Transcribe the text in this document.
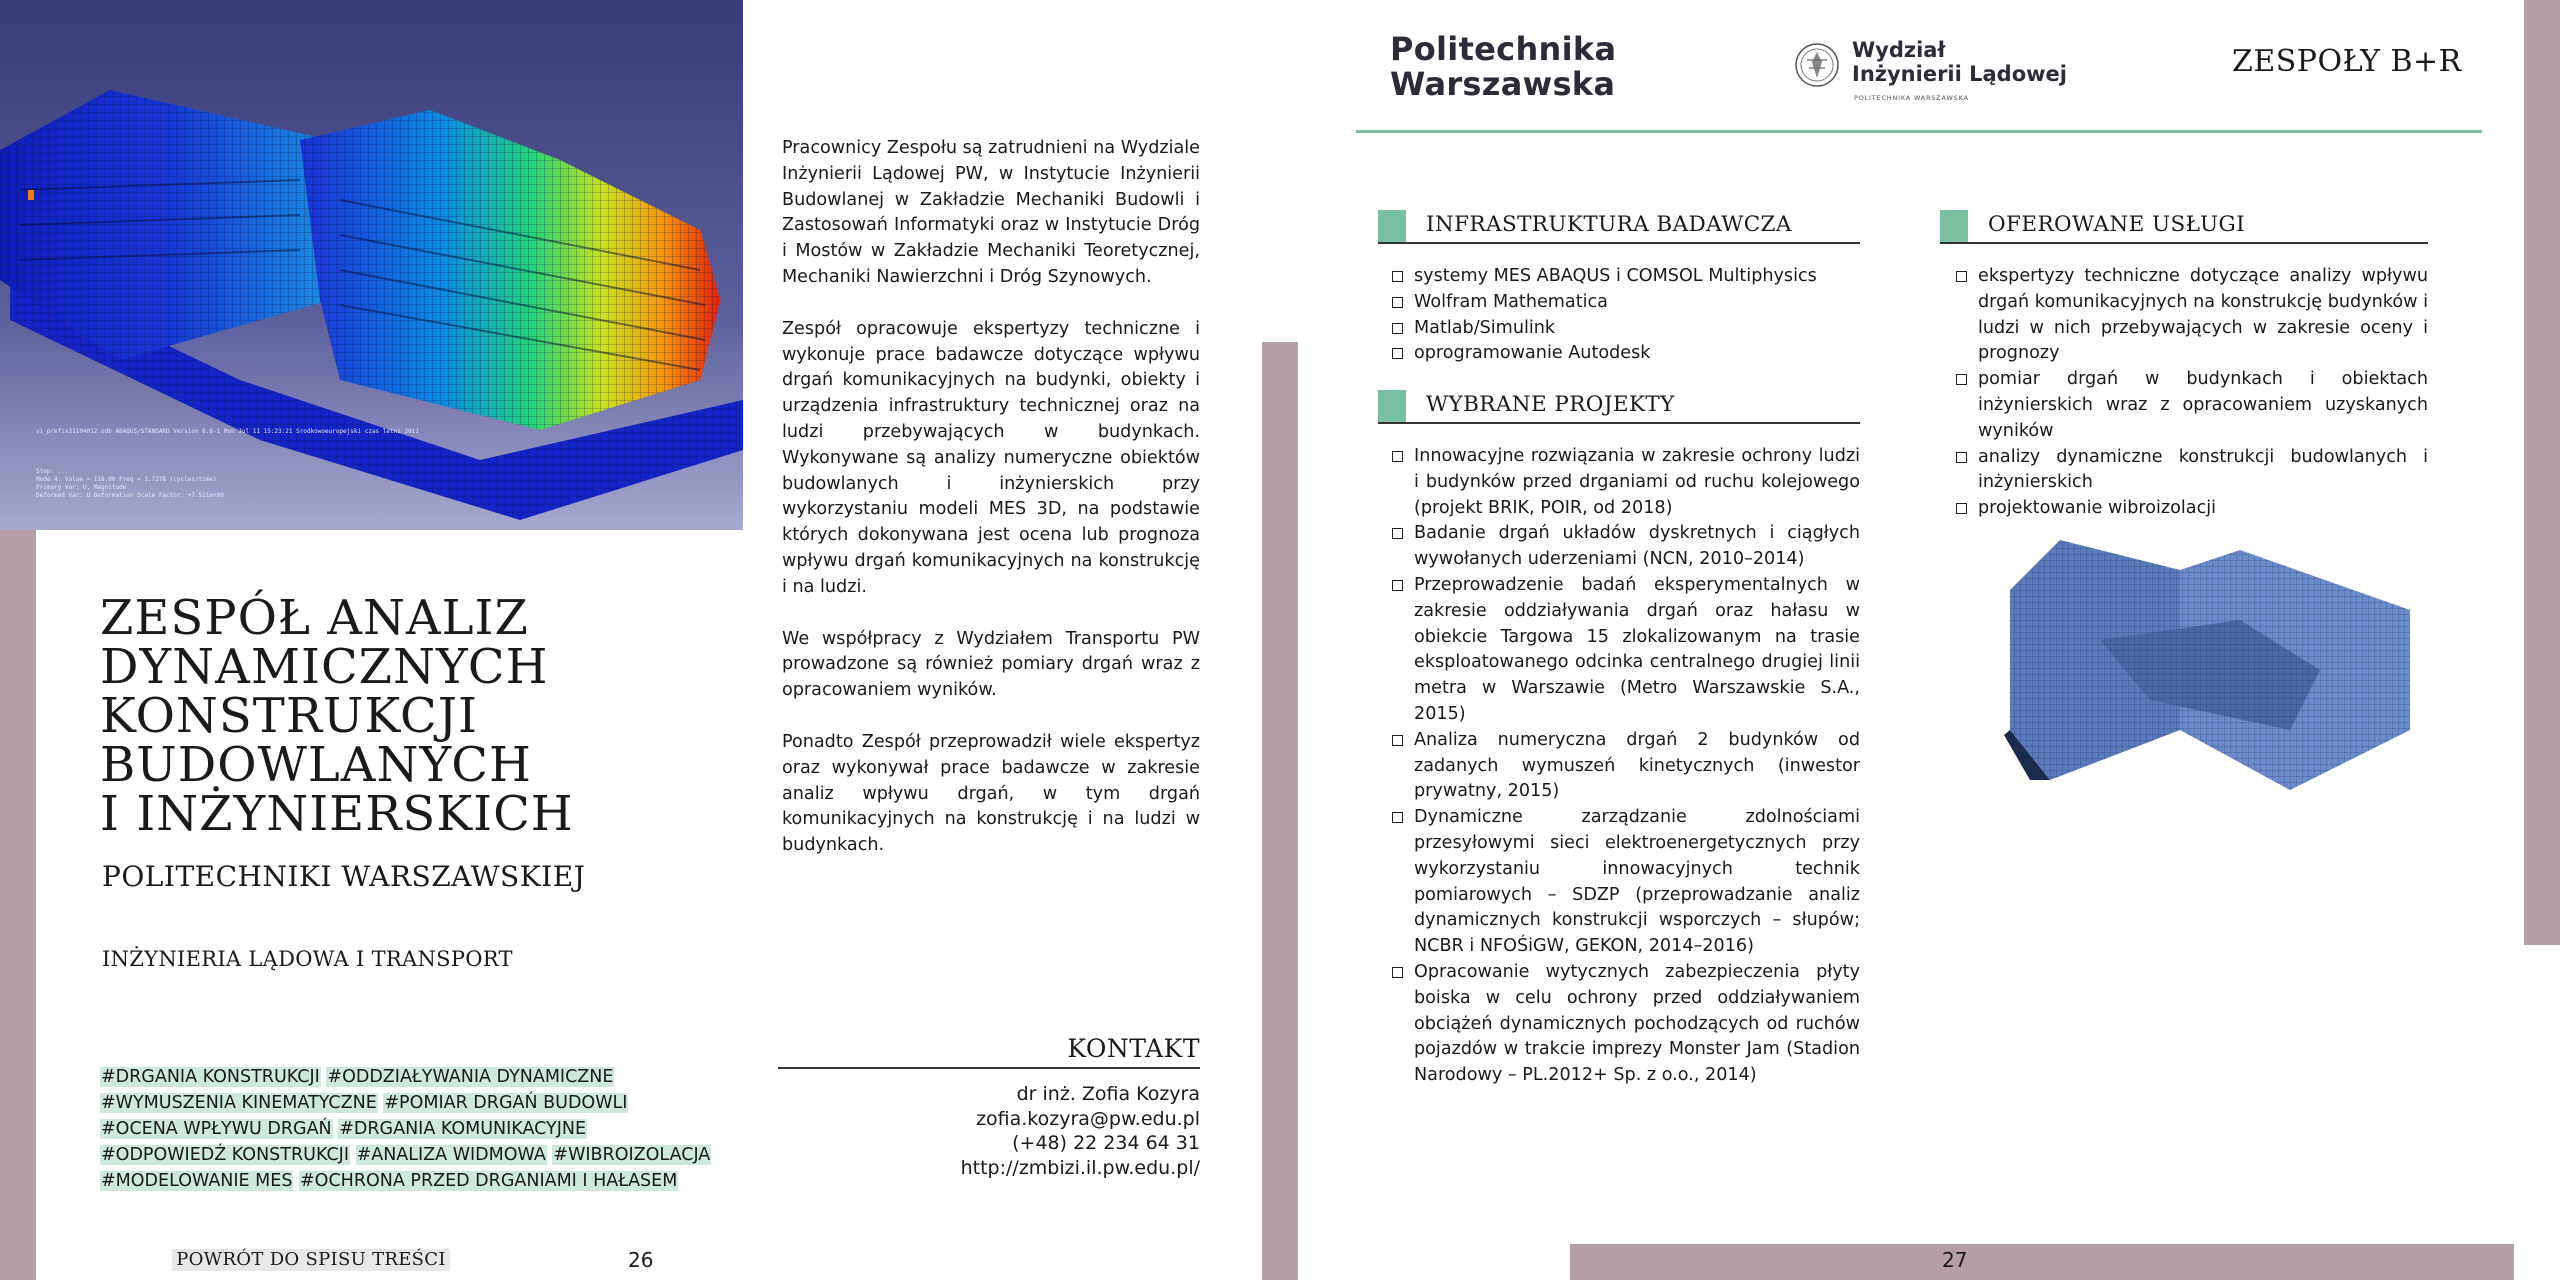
vi_prefix21104012.odb ABAQUS/STANDARD Version 6.8-1 Mon Jul 11 15:23:21 Srodkowoeuropejski czas letni 2011
Step: ...
Mode 4: Value = 118.00 Freq = 1.7378 (cycles/time)
Primary Var: U, Magnitude
Deformed Var: U Deformation Scale Factor: +7.511e+00
ZESPÓŁ ANALIZ
DYNAMICZNYCH
KONSTRUKCJI
BUDOWLANYCH
I INŻYNIERSKICH
POLITECHNIKI WARSZAWSKIEJ
INŻYNIERIA LĄDOWA I TRANSPORT
#DRGANIA KONSTRUKCJI #ODDZIAŁYWANIA DYNAMICZNE
#WYMUSZENIA KINEMATYCZNE #POMIAR DRGAŃ BUDOWLI
#OCENA WPŁYWU DRGAŃ #DRGANIA KOMUNIKACYJNE
#ODPOWIEDŹ KONSTRUKCJI #ANALIZA WIDMOWA #WIBROIZOLACJA
#MODELOWANIE MES #OCHRONA PRZED DRGANIAMI I HAŁASEM
POWRÓT DO SPISU TREŚCI	26

Pracownicy Zespołu są zatrudnieni na Wydziale Inżynierii Lądowej PW, w Instytucie Inżynierii Budowlanej w Zakładzie Mechaniki Budowli i Zastosowań Informatyki oraz w Instytucie Dróg i Mostów w Zakładzie Mechaniki Teoretycznej, Mechaniki Nawierzchni i Dróg Szynowych.

Zespół opracowuje ekspertyzy techniczne i wykonuje prace badawcze dotyczące wpływu drgań komunikacyjnych na budynki, obiekty i urządzenia infrastruktury technicznej oraz na ludzi przebywających w budynkach. Wykonywane są analizy numeryczne obiektów budowlanych i inżynierskich przy wykorzystaniu modeli MES 3D, na podstawie których dokonywana jest ocena lub prognoza wpływu drgań komunikacyjnych na konstrukcję i na ludzi.

We współpracy z Wydziałem Transportu PW prowadzone są również pomiary drgań wraz z opracowaniem wyników.

Ponadto Zespół przeprowadził wiele ekspertyz oraz wykonywał prace badawcze w zakresie analiz wpływu drgań, w tym drgań komunikacyjnych na konstrukcję i na ludzi w budynkach.

KONTAKT
dr inż. Zofia Kozyra
zofia.kozyra@pw.edu.pl
(+48) 22 234 64 31
http://zmbizi.il.pw.edu.pl/
Politechnika
Warszawska
Wydział
Inżynierii Lądowej
POLITECHNIKA WARSZAWSKA
ZESPOŁY B+R
INFRASTRUKTURA BADAWCZA
systemy MES ABAQUS i COMSOL Multiphysics
Wolfram Mathematica
Matlab/Simulink
oprogramowanie Autodesk
WYBRANE PROJEKTY
Innowacyjne rozwiązania w zakresie ochrony ludzi i budynków przed drganiami od ruchu kolejowego (projekt BRIK, POIR, od 2018)
Badanie drgań układów dyskretnych i ciągłych wywołanych uderzeniami (NCN, 2010–2014)
Przeprowadzenie badań eksperymentalnych w zakresie oddziaływania drgań oraz hałasu w obiekcie Targowa 15 zlokalizowanym na trasie eksploatowanego odcinka centralnego drugiej linii metra w Warszawie (Metro Warszawskie S.A., 2015)
Analiza numeryczna drgań 2 budynków od zadanych wymuszeń kinetycznych (inwestor prywatny, 2015)
Dynamiczne zarządzanie zdolnościami przesyłowymi sieci elektroenergetycznych przy wykorzystaniu innowacyjnych technik pomiarowych – SDZP (przeprowadzanie analiz dynamicznych konstrukcji wsporczych – słupów; NCBR i NFOŚiGW, GEKON, 2014–2016)
Opracowanie wytycznych zabezpieczenia płyty boiska w celu ochrony przed oddziaływaniem obciążeń dynamicznych pochodzących od ruchów pojazdów w trakcie imprezy Monster Jam (Stadion Narodowy – PL.2012+ Sp. z o.o., 2014)
OFEROWANE USŁUGI
ekspertyzy techniczne dotyczące analizy wpływu drgań komunikacyjnych na konstrukcję budynków i ludzi w nich przebywających w zakresie oceny i prognozy
pomiar drgań w budynkach i obiektach inżynierskich wraz z opracowaniem uzyskanych wyników
analizy dynamiczne konstrukcji budowlanych i inżynierskich
projektowanie wibroizolacji
27
